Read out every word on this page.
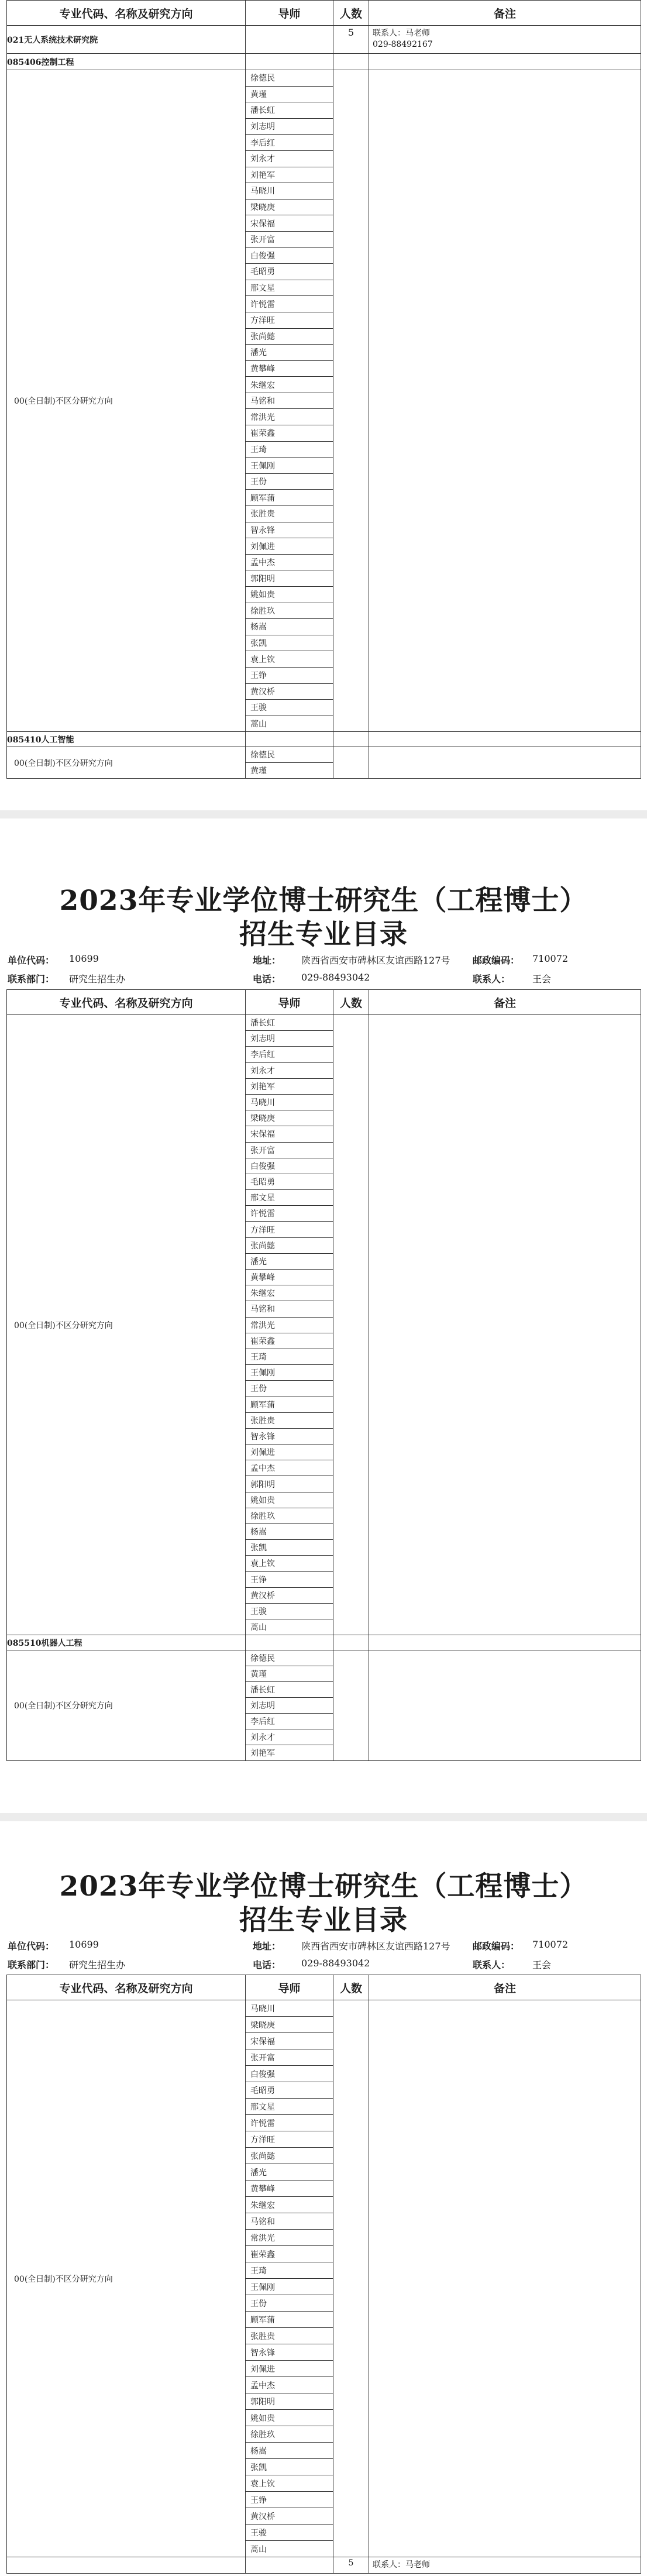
专业代码、名称及研究方向	导师	人数	备注
021无人系统技术研究院		5	联系人：马老师
029-88492167

085406控制工程			
00(全日制)不区分研究方向	徐德民		
	黄瑾		
	潘长虹		
	刘志明		
	李后红		
	刘永才		
	刘艳军		
	马晓川		
	梁晓庚		
	宋保福		
	张开富		
	白俊强		
	毛昭勇		
	邢文星		
	许悦雷		
	方洋旺		
	张尚懿		
	潘光		
	黄攀峰		
	朱继宏		
	马铭和		
	常洪光		
	崔荣鑫		
	王琦		
	王佩刚		
	王份		
	顾军蒲		
	张胜贵		
	智永锋		
	刘佩进		
	孟中杰		
	郭阳明		
	姚如贵		
	徐胜玖		
	杨嵩		
	张凯		
	袁上钦		
	王铮		
	黄汉桥		
	王骏		
	蒿山		
085410人工智能			
00(全日制)不区分研究方向	徐德民		
	黄瑾		
2023年专业学位博士研究生（工程博士）
招生专业目录
单位代码： 10699	地址： 陕西省西安市碑林区友谊西路127号 邮政编码： 710072
联系部门： 研究生招生办	电话： 029-88493042	联系人： 王会
专业代码、名称及研究方向	导师	人数	备注
00(全日制)不区分研究方向	潘长虹		
	刘志明		
	李后红		
	刘永才		
	刘艳军		
	马晓川		
	梁晓庚		
	宋保福		
	张开富		
	白俊强		
	毛昭勇		
	邢文星		
	许悦雷		
	方洋旺		
	张尚懿		
	潘光		
	黄攀峰		
	朱继宏		
	马铭和		
	常洪光		
	崔荣鑫		
	王琦		
	王佩刚		
	王份		
	顾军蒲		
	张胜贵		
	智永锋		
	刘佩进		
	孟中杰		
	郭阳明		
	姚如贵		
	徐胜玖		
	杨嵩		
	张凯		
	袁上钦		
	王铮		
	黄汉桥		
	王骏		
	蒿山		
085510机器人工程			
00(全日制)不区分研究方向	徐德民		
	黄瑾		
	潘长虹		
	刘志明		
	李后红		
	刘永才		
	刘艳军		
2023年专业学位博士研究生（工程博士）
招生专业目录
单位代码： 10699	地址： 陕西省西安市碑林区友谊西路127号 邮政编码： 710072
联系部门： 研究生招生办	电话： 029-88493042	联系人： 王会
专业代码、名称及研究方向	导师	人数	备注
00(全日制)不区分研究方向	马晓川		
	梁晓庚		
	宋保福		
	张开富		
	白俊强		
	毛昭勇		
	邢文星		
	许悦雷		
	方洋旺		
	张尚懿		
	潘光		
	黄攀峰		
	朱继宏		
	马铭和		
	常洪光		
	崔荣鑫		
	王琦		
	王佩刚		
	王份		
	顾军蒲		
	张胜贵		
	智永锋		
	刘佩进		
	孟中杰		
	郭阳明		
	姚如贵		
	徐胜玖		
	杨嵩		
	张凯		
	袁上钦		
	王铮		
	黄汉桥		
	王骏		
	蒿山		
		5	联系人：马老师
